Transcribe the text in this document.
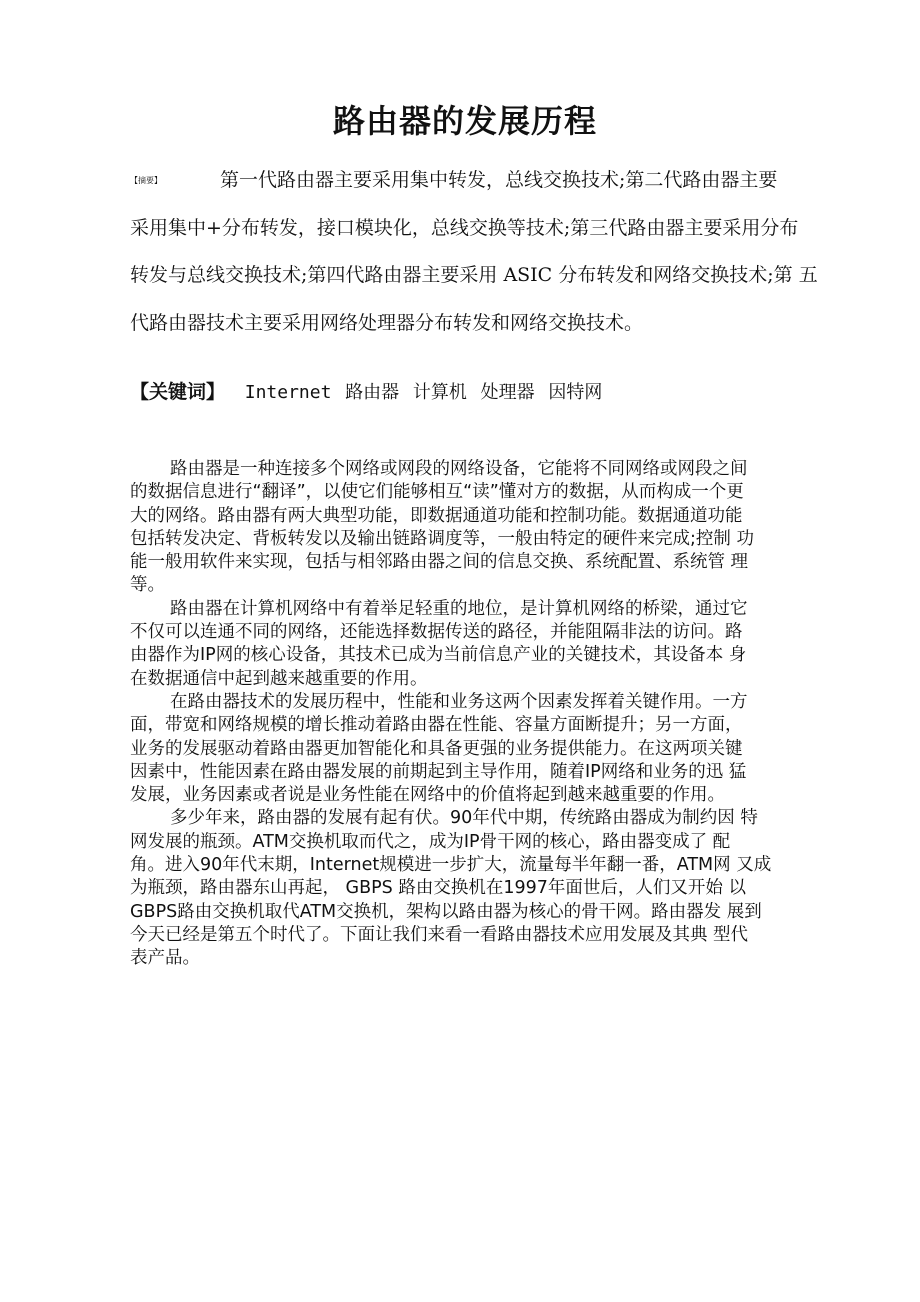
路由器的发展历程
【摘要】	第一代路由器主要采用集中转发，总线交换技术;第二代路由器主要
采用集中+分布转发，接口模块化，总线交换等技术;第三代路由器主要采用分布
转发与总线交换技术;第四代路由器主要采用 ASIC 分布转发和网络交换技术;第 五
代路由器技术主要采用网络处理器分布转发和网络交换技术。
【关键词】 Internet 路由器 计算机 处理器 因特网
路由器是一种连接多个网络或网段的网络设备，它能将不同网络或网段之间
的数据信息进行“翻译”，以使它们能够相互“读”懂对方的数据，从而构成一个更
大的网络。路由器有两大典型功能，即数据通道功能和控制功能。数据通道功能
包括转发决定、背板转发以及输出链路调度等，一般由特定的硬件来完成;控制 功
能一般用软件来实现，包括与相邻路由器之间的信息交换、系统配置、系统管 理
等。
路由器在计算机网络中有着举足轻重的地位，是计算机网络的桥梁，通过它
不仅可以连通不同的网络，还能选择数据传送的路径，并能阻隔非法的访问。路
由器作为IP网的核心设备，其技术已成为当前信息产业的关键技术，其设备本 身
在数据通信中起到越来越重要的作用。
在路由器技术的发展历程中，性能和业务这两个因素发挥着关键作用。一方
面，带宽和网络规模的增长推动着路由器在性能、容量方面断提升；另一方面，
业务的发展驱动着路由器更加智能化和具备更强的业务提供能力。在这两项关键
因素中，性能因素在路由器发展的前期起到主导作用，随着IP网络和业务的迅 猛
发展，业务因素或者说是业务性能在网络中的价值将起到越来越重要的作用。
多少年来，路由器的发展有起有伏。90年代中期，传统路由器成为制约因 特
网发展的瓶颈。ATM交换机取而代之，成为IP骨干网的核心，路由器变成了 配
角。进入90年代末期，Internet规模进一步扩大，流量每半年翻一番，ATM网 又成
为瓶颈，路由器东山再起， GBPS 路由交换机在1997年面世后，人们又开始 以
GBPS路由交换机取代ATM交换机，架构以路由器为核心的骨干网。路由器发 展到
今天已经是第五个时代了。下面让我们来看一看路由器技术应用发展及其典 型代
表产品。
